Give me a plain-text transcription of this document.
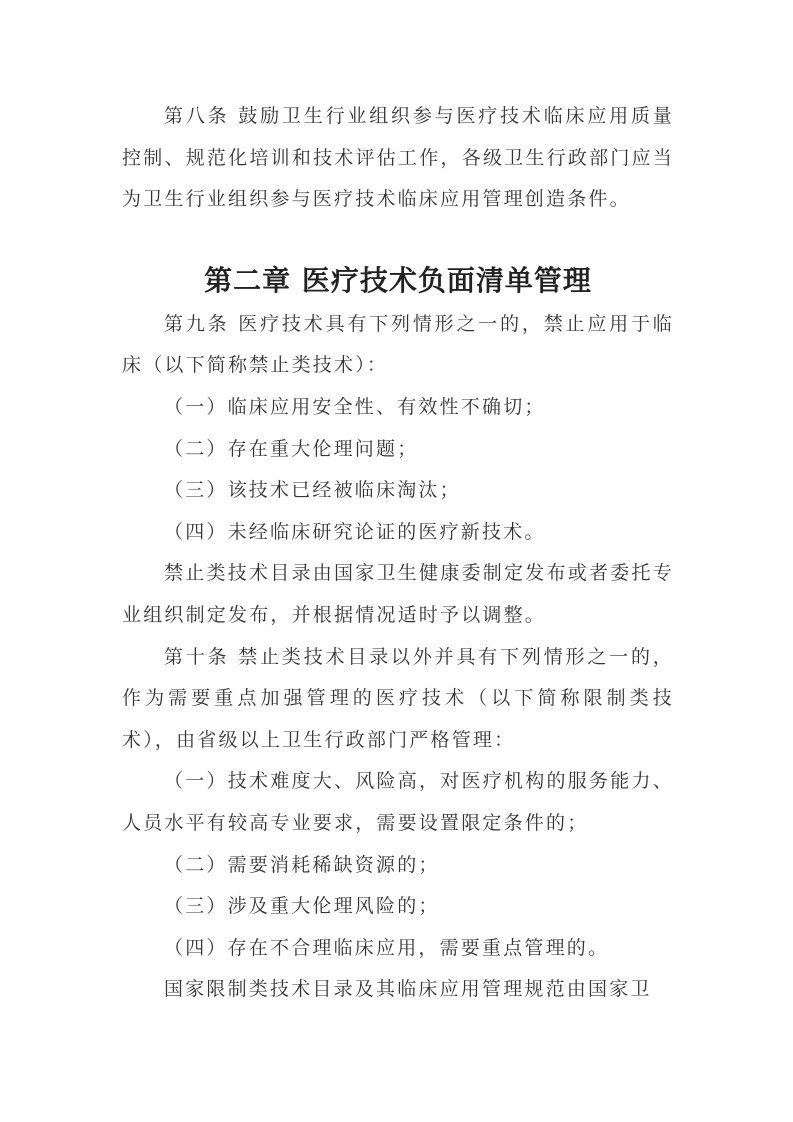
第八条 鼓励卫生行业组织参与医疗技术临床应用质量控制、规范化培训和技术评估工作，各级卫生行政部门应当为卫生行业组织参与医疗技术临床应用管理创造条件。

第二章 医疗技术负面清单管理

第九条 医疗技术具有下列情形之一的，禁止应用于临床（以下简称禁止类技术）：

（一）临床应用安全性、有效性不确切；

（二）存在重大伦理问题；

（三）该技术已经被临床淘汰；

（四）未经临床研究论证的医疗新技术。

禁止类技术目录由国家卫生健康委制定发布或者委托专业组织制定发布，并根据情况适时予以调整。

第十条 禁止类技术目录以外并具有下列情形之一的，作为需要重点加强管理的医疗技术（以下简称限制类技术），由省级以上卫生行政部门严格管理：

（一）技术难度大、风险高，对医疗机构的服务能力、人员水平有较高专业要求，需要设置限定条件的；

（二）需要消耗稀缺资源的；

（三）涉及重大伦理风险的；

（四）存在不合理临床应用，需要重点管理的。

国家限制类技术目录及其临床应用管理规范由国家卫
